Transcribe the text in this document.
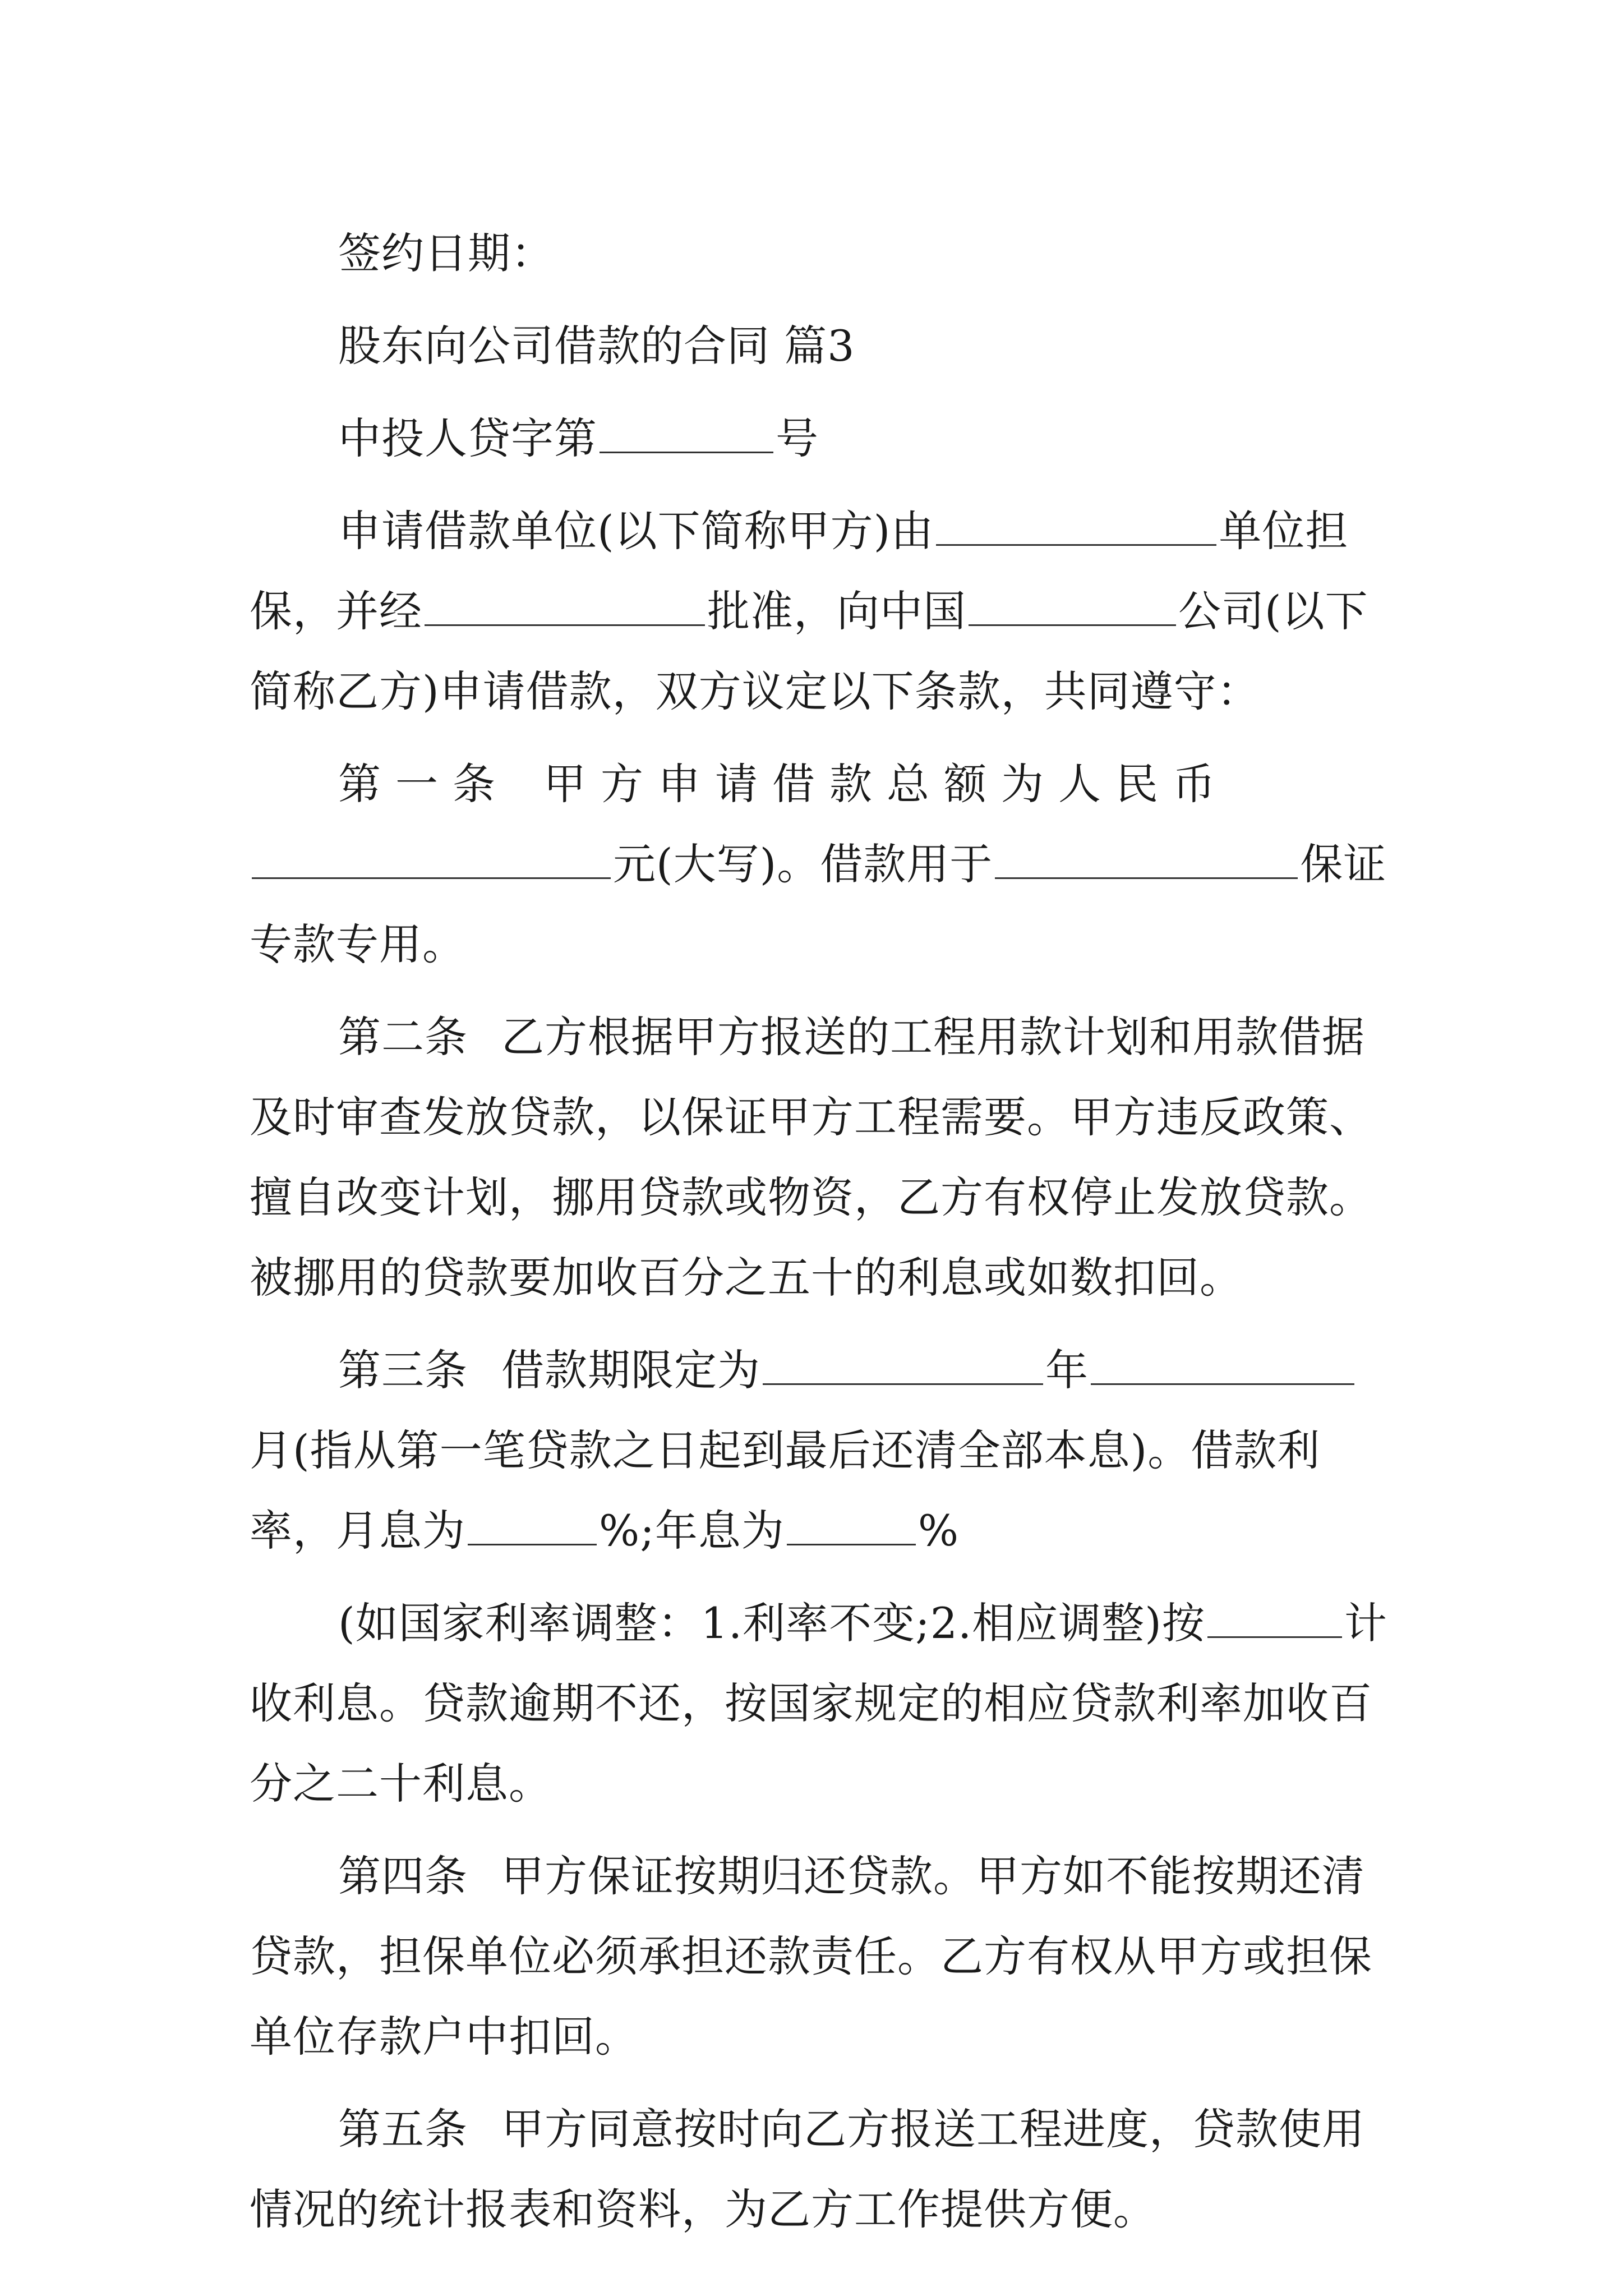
签约日期：

股东向公司借款的合同 篇3

中投人贷字第	号

申请借款单位(以下简称甲方)由	单位担保，并经	批准，向中国	公司(以下简称乙方)申请借款，双方议定以下条款，共同遵守：

第一条 甲方申请借款总额为人民币元(大写)。借款用于	保证专款专用。

第二条 乙方根据甲方报送的工程用款计划和用款借据及时审查发放贷款，以保证甲方工程需要。甲方违反政策、擅自改变计划，挪用贷款或物资，乙方有权停止发放贷款。被挪用的贷款要加收百分之五十的利息或如数扣回。

第三条 借款期限定为	年月(指从第一笔贷款之日起到最后还清全部本息)。借款利率，月息为	%;年息为	%

(如国家利率调整：1.利率不变;2.相应调整)按	计收利息。贷款逾期不还，按国家规定的相应贷款利率加收百分之二十利息。

第四条 甲方保证按期归还贷款。甲方如不能按期还清贷款，担保单位必须承担还款责任。乙方有权从甲方或担保单位存款户中扣回。

第五条 甲方同意按时向乙方报送工程进度，贷款使用情况的统计报表和资料，为乙方工作提供方便。
